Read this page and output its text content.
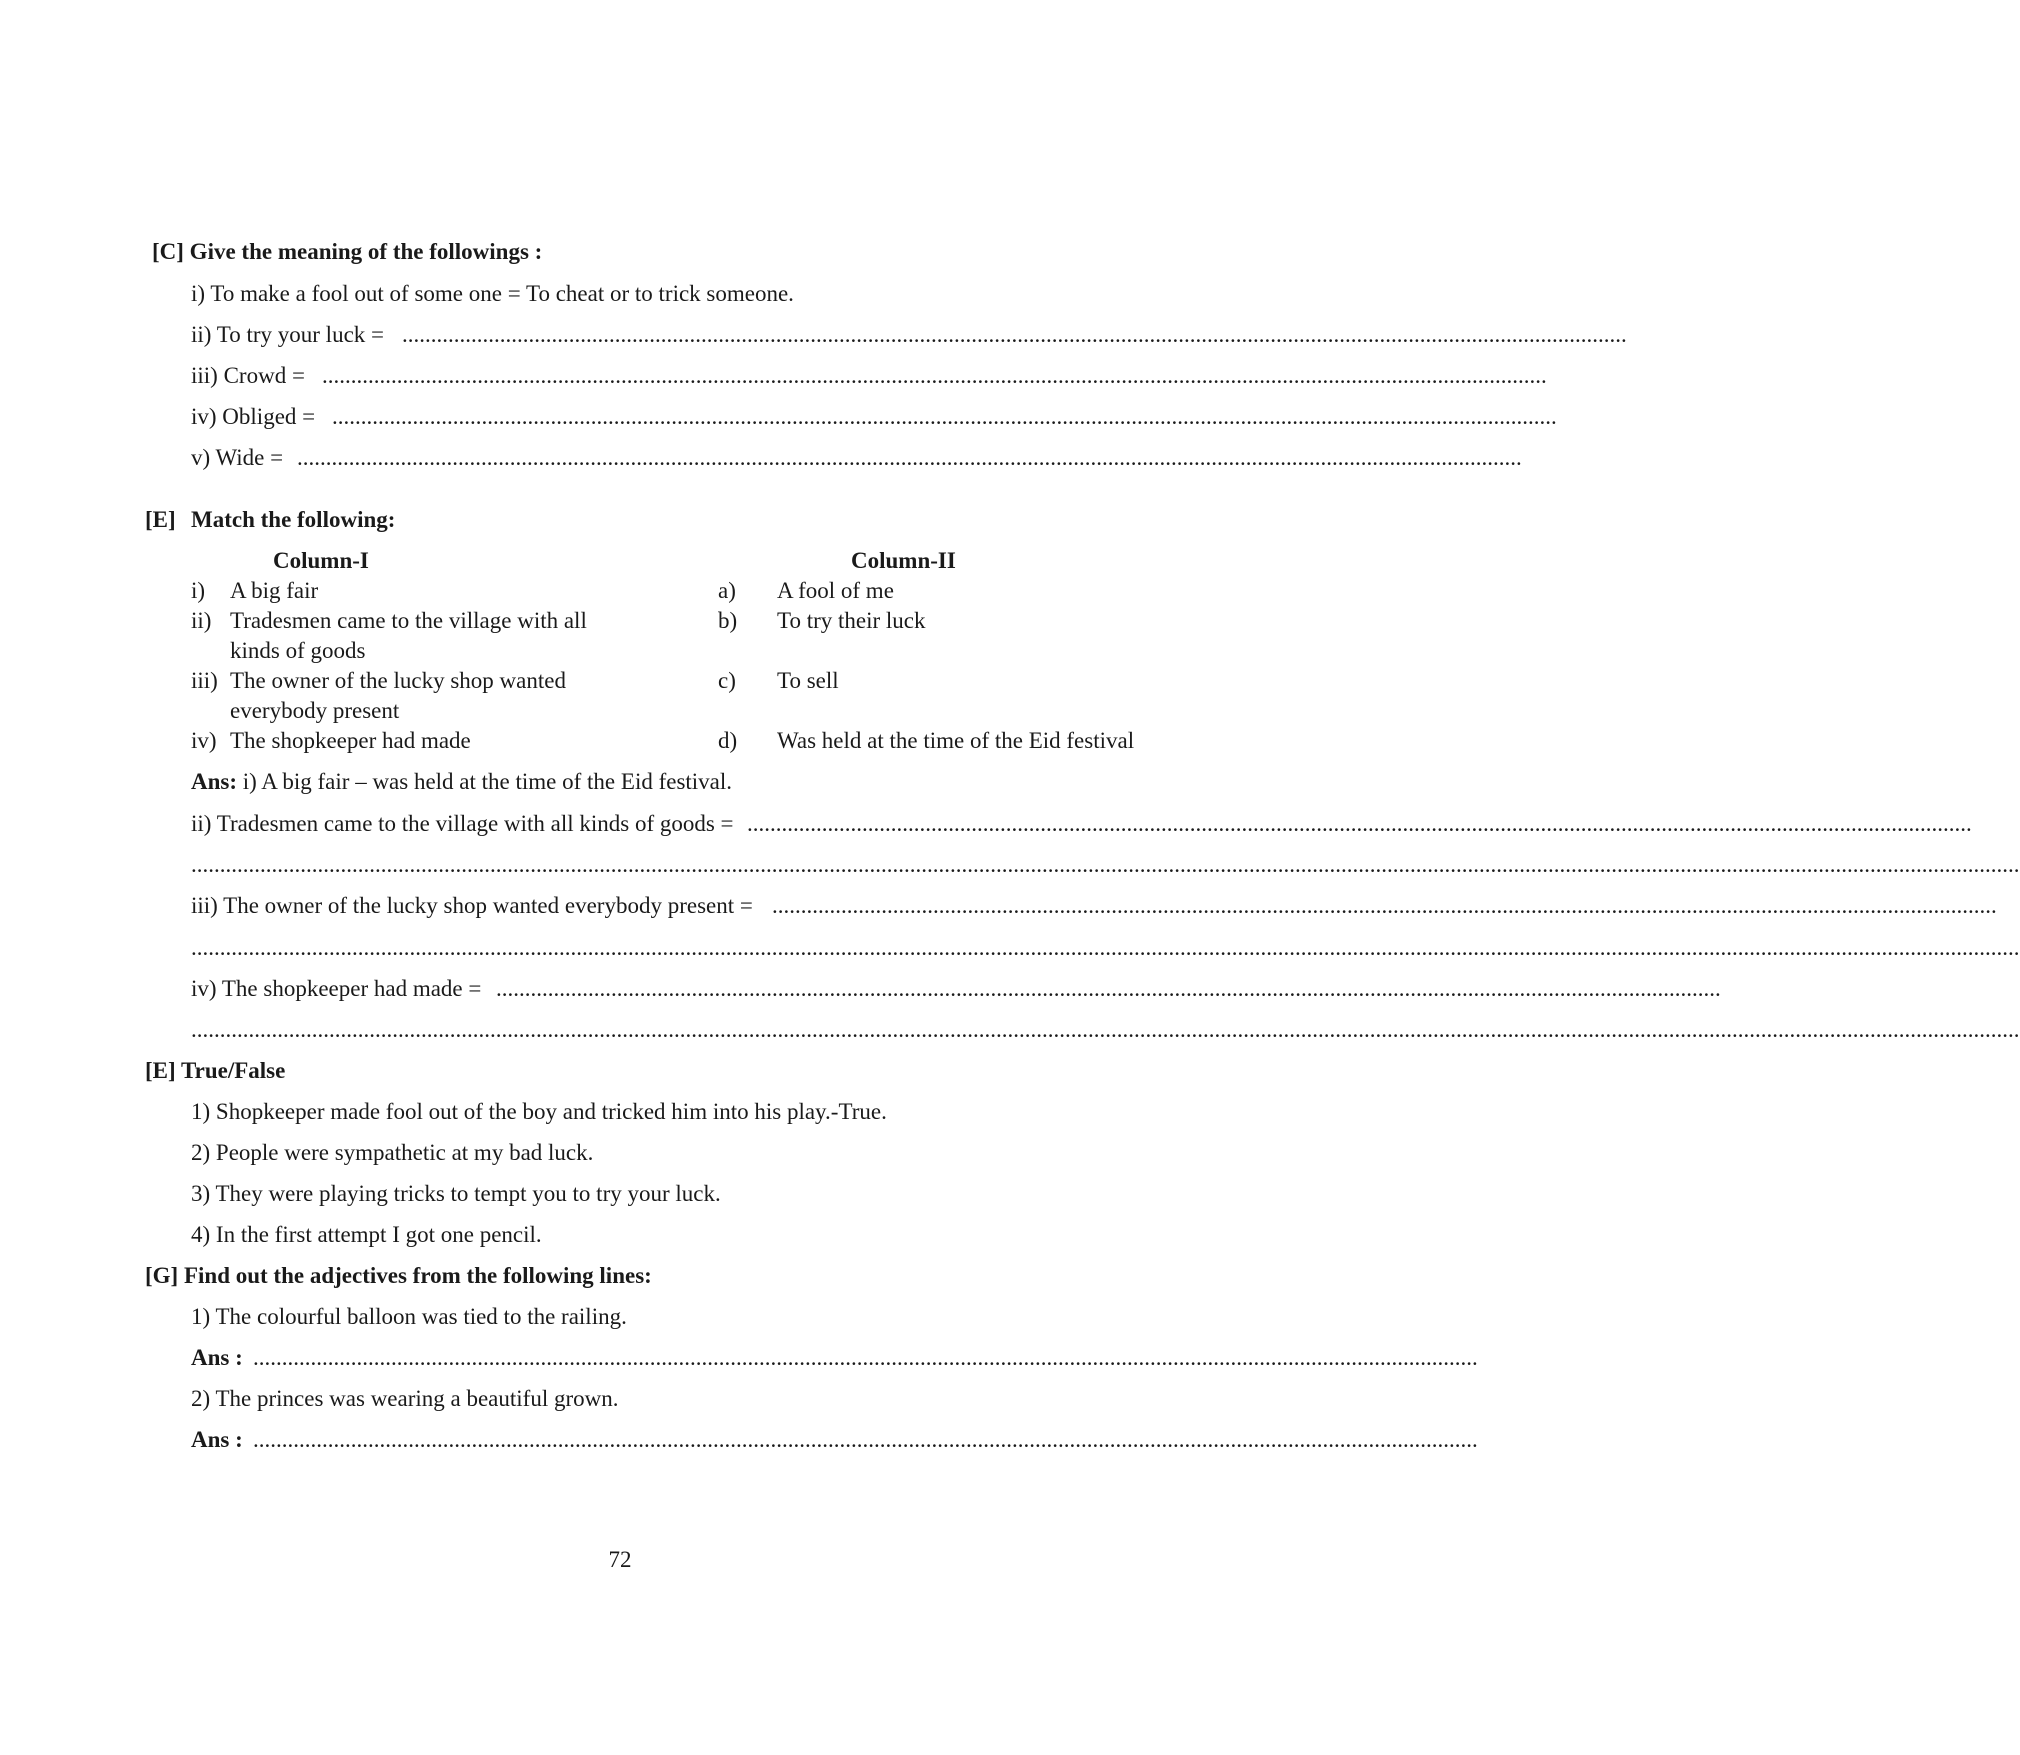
[C] Give the meaning of the followings :
i) To make a fool out of some one = To cheat or to trick someone.
ii) To try your luck = .....................................................................................................................................................................................................................
iii) Crowd = .....................................................................................................................................................................................................................
iv) Obliged = .....................................................................................................................................................................................................................
v) Wide = .....................................................................................................................................................................................................................
[E] Match the following:
Column-I	Column-II
i) A big fair
ii) Tradesmen came to the village with all
kinds of goods
iii) The owner of the lucky shop wanted
everybody present
iv) The shopkeeper had made
a) A fool of me
b) To try their luck
c) To sell
d) Was held at the time of the Eid festival
Ans: i) A big fair – was held at the time of the Eid festival.
ii) Tradesmen came to the village with all kinds of goods = .....................................................................................................................................................................................................................
..............................................................................................................................................................................................................................................................................................................................
iii) The owner of the lucky shop wanted everybody present = .....................................................................................................................................................................................................................
..............................................................................................................................................................................................................................................................................................................................
iv) The shopkeeper had made = .....................................................................................................................................................................................................................
..............................................................................................................................................................................................................................................................................................................................
[E] True/False
1) Shopkeeper made fool out of the boy and tricked him into his play.-True.
2) People were sympathetic at my bad luck.
3) They were playing tricks to tempt you to try your luck.
4) In the first attempt I got one pencil.
[G] Find out the adjectives from the following lines:
1) The colourful balloon was tied to the railing.
Ans : .....................................................................................................................................................................................................................
2) The princes was wearing a beautiful grown.
Ans : .....................................................................................................................................................................................................................
72
